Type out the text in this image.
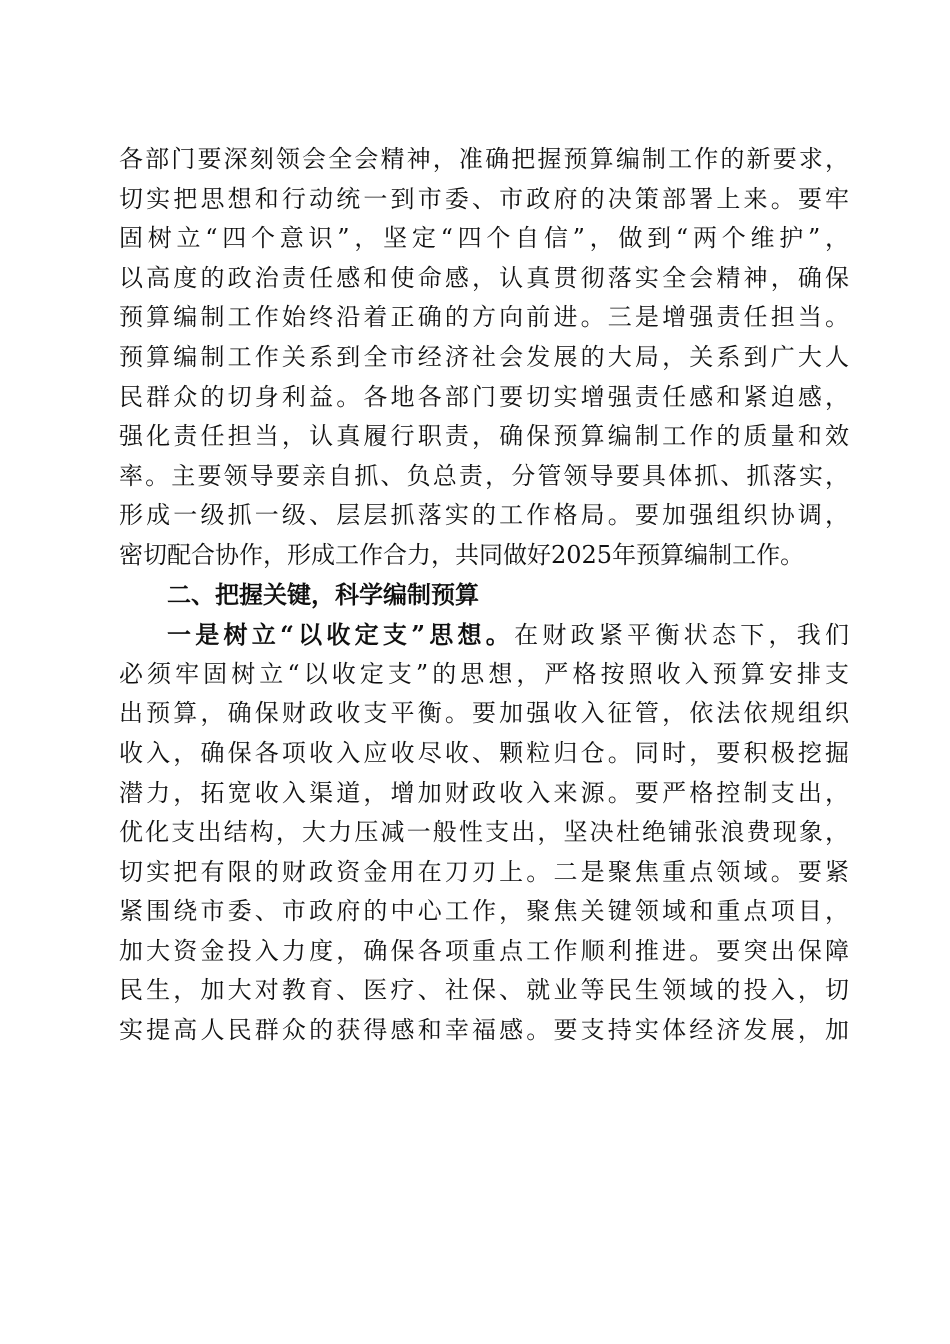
各部门要深刻领会全会精神，准确把握预算编制工作的新要求，
切实把思想和行动统一到市委、市政府的决策部署上来。要牢
固树立“四个意识”，坚定“四个自信”，做到“两个维护”，
以高度的政治责任感和使命感，认真贯彻落实全会精神，确保
预算编制工作始终沿着正确的方向前进。三是增强责任担当。
预算编制工作关系到全市经济社会发展的大局，关系到广大人
民群众的切身利益。各地各部门要切实增强责任感和紧迫感，
强化责任担当，认真履行职责，确保预算编制工作的质量和效
率。主要领导要亲自抓、负总责，分管领导要具体抓、抓落实，
形成一级抓一级、层层抓落实的工作格局。要加强组织协调，
密切配合协作，形成工作合力，共同做好2025年预算编制工作。
二、把握关键，科学编制预算
一是树立“以收定支”思想。在财政紧平衡状态下，我们
必须牢固树立“以收定支”的思想，严格按照收入预算安排支
出预算，确保财政收支平衡。要加强收入征管，依法依规组织
收入，确保各项收入应收尽收、颗粒归仓。同时，要积极挖掘
潜力，拓宽收入渠道，增加财政收入来源。要严格控制支出，
优化支出结构，大力压减一般性支出，坚决杜绝铺张浪费现象，
切实把有限的财政资金用在刀刃上。二是聚焦重点领域。要紧
紧围绕市委、市政府的中心工作，聚焦关键领域和重点项目，
加大资金投入力度，确保各项重点工作顺利推进。要突出保障
民生，加大对教育、医疗、社保、就业等民生领域的投入，切
实提高人民群众的获得感和幸福感。要支持实体经济发展，加
